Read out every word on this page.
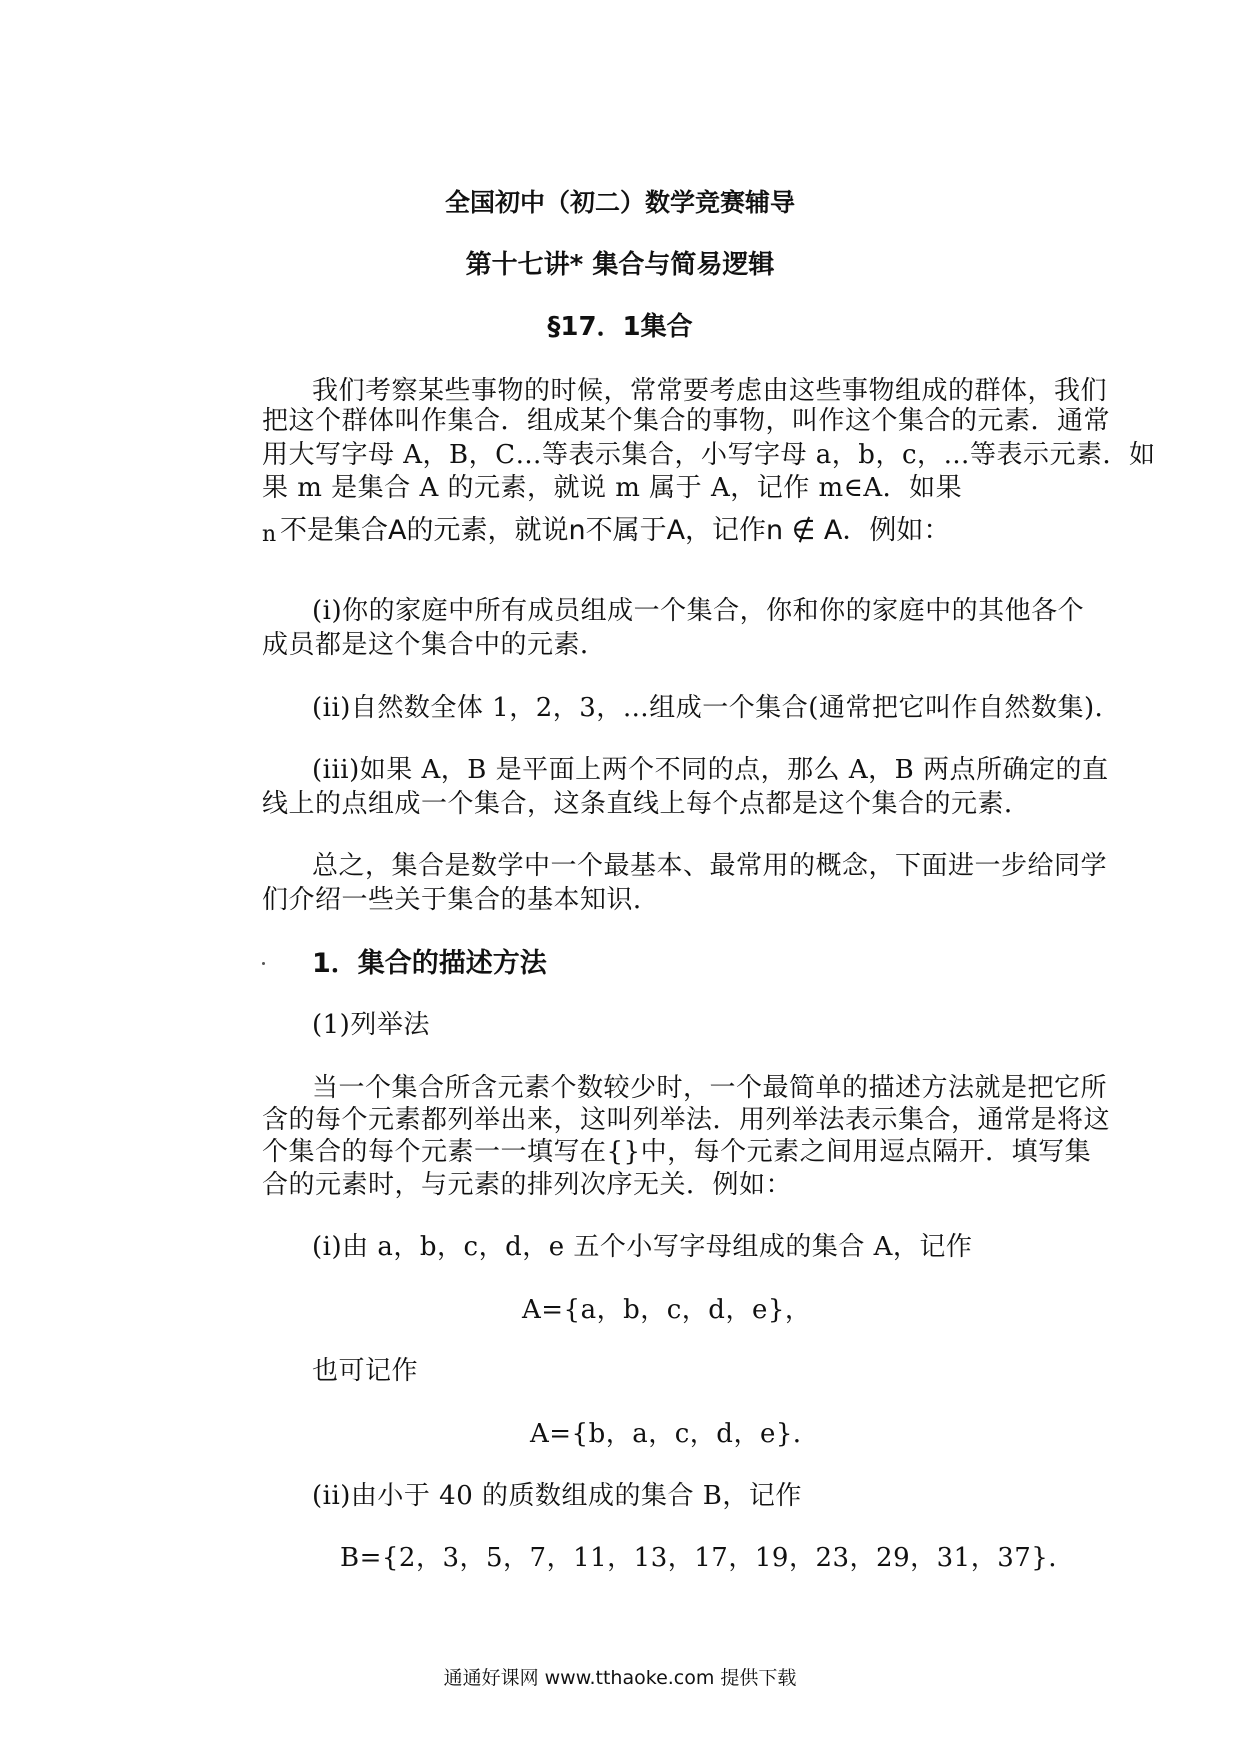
全国初中（初二）数学竞赛辅导
第十七讲* 集合与简易逻辑
§17．1集合
我们考察某些事物的时候，常常要考虑由这些事物组成的群体，我们
把这个群体叫作集合．组成某个集合的事物，叫作这个集合的元素．通常
用大写字母 A，B，C…等表示集合，小写字母 a，b，c，…等表示元素．如
果 m 是集合 A 的元素，就说 m 属于 A，记作 m∈A．如果
n 不是集合A的元素，就说n不属于A，记作n ∉ A．例如：
(i)你的家庭中所有成员组成一个集合，你和你的家庭中的其他各个
成员都是这个集合中的元素．
(ii)自然数全体 1，2，3，…组成一个集合(通常把它叫作自然数集)．
(iii)如果 A，B 是平面上两个不同的点，那么 A，B 两点所确定的直
线上的点组成一个集合，这条直线上每个点都是这个集合的元素．
总之，集合是数学中一个最基本、最常用的概念，下面进一步给同学
们介绍一些关于集合的基本知识．
1．集合的描述方法
(1)列举法
当一个集合所含元素个数较少时，一个最简单的描述方法就是把它所
含的每个元素都列举出来，这叫列举法．用列举法表示集合，通常是将这
个集合的每个元素一一填写在{}中，每个元素之间用逗点隔开．填写集
合的元素时，与元素的排列次序无关．例如：
(i)由 a，b，c，d，e 五个小写字母组成的集合 A，记作
A={a，b，c，d，e}，
也可记作
A={b，a，c，d，e}．
(ii)由小于 40 的质数组成的集合 B，记作
B={2，3，5，7，11，13，17，19，23，29，31，37}．
通通好课网 www.tthaoke.com 提供下载
